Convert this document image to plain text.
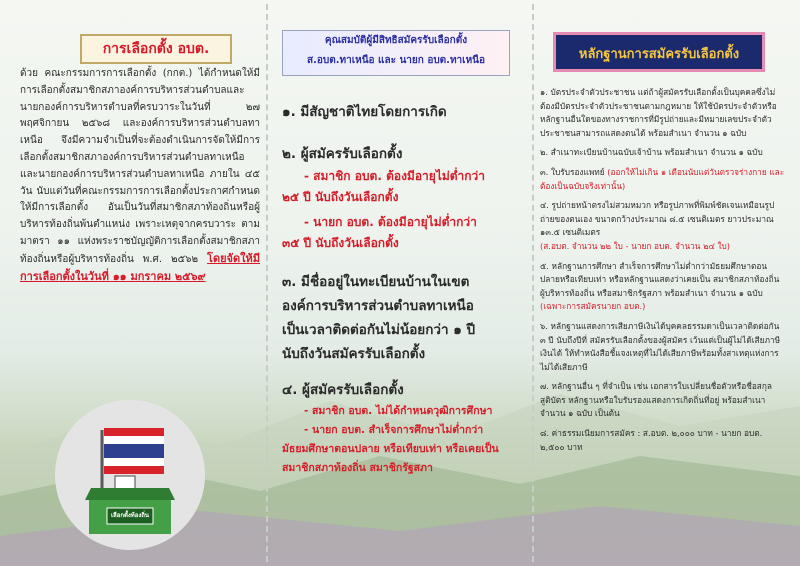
การเลือกตั้ง อบต.
ด้วย คณะกรรมการการเลือกตั้ง (กกต.) ได้กำหนดให้มีการเลือกตั้งสมาชิกสภาองค์การบริหารส่วนตำบลและนายกองค์การบริหารตำบลที่ครบวาระในวันที่ ๒๗ พฤศจิกายน ๒๕๖๘ และองค์การบริหารส่วนตำบลทาเหนือ จึงมีความจำเป็นที่จะต้องดำเนินการจัดให้มีการเลือกตั้งสมาชิกสภาองค์การบริหารส่วนตำบลทาเหนือ และนายกองค์การบริหารส่วนตำบลทาเหนือ ภายใน ๔๕ วัน นับแต่วันที่คณะกรรมการการเลือกตั้งประกาศกำหนดให้มีการเลือกตั้ง อันเป็นวันที่สมาชิกสภาท้องถิ่นหรือผู้บริหารท้องถิ่นพ้นตำแหน่ง เพราะเหตุจากครบวาระ ตามมาตรา ๑๑ แห่งพระราชบัญญัติการเลือกตั้งสมาชิกสภาท้องถิ่นหรือผู้บริหารท้องถิ่น พ.ศ. ๒๕๖๒ โดยจัดให้มีการเลือกตั้งในวันที่ ๑๑ มกราคม ๒๕๖๙
เลือกตั้งท้องถิ่น
คุณสมบัติผู้มีสิทธิสมัครรับเลือกตั้ง
ส.อบต.ทาเหนือ และ นายก อบต.ทาเหนือ
๑. มีสัญชาติไทยโดยการเกิด
๒. ผู้สมัครรับเลือกตั้ง
- สมาชิก อบต. ต้องมีอายุไม่ต่ำกว่า
๒๕ ปี นับถึงวันเลือกตั้ง
- นายก อบต. ต้องมีอายุไม่ต่ำกว่า
๓๕ ปี นับถึงวันเลือกตั้ง
๓. มีชื่ออยู่ในทะเบียนบ้านในเขต
องค์การบริหารส่วนตำบลทาเหนือ
เป็นเวลาติดต่อกันไม่น้อยกว่า ๑ ปี
นับถึงวันสมัครรับเลือกตั้ง
๔. ผู้สมัครรับเลือกตั้ง
- สมาชิก อบต. ไม่ได้กำหนดวุฒิการศึกษา
- นายก อบต. สำเร็จการศึกษาไม่ต่ำกว่า
มัธยมศึกษาตอนปลาย หรือเทียบเท่า หรือเคยเป็น
สมาชิกสภาท้องถิ่น สมาชิกรัฐสภา
หลักฐานการสมัครรับเลือกตั้ง

๑. บัตรประจำตัวประชาชน แต่ถ้าผู้สมัครรับเลือกตั้งเป็นบุคคลซึ่งไม่ต้องมีบัตรประจำตัวประชาชนตามกฎหมาย ให้ใช้บัตรประจำตัวหรือหลักฐานอื่นใดของทางราชการที่มีรูปถ่ายและมีหมายเลขประจำตัวประชาชนสามารถแสดงตนได้ พร้อมสำเนา จำนวน ๑ ฉบับ

๒. สำเนาทะเบียนบ้านฉบับเจ้าบ้าน พร้อมสำเนา จำนวน ๑ ฉบับ

๓. ใบรับรองแพทย์ (ออกให้ไม่เกิน ๑ เดือนนับแต่วันตรวจร่างกาย และต้องเป็นฉบับจริงเท่านั้น)

๔. รูปถ่ายหน้าตรงไม่สวมหมวก หรือรูปภาพที่พิมพ์ชัดเจนเหมือนรูปถ่ายของตนเอง ขนาดกว้างประมาณ ๘.๕ เซนติเมตร ยาวประมาณ ๑๓.๕ เซนติเมตร
(ส.อบต. จำนวน ๒๒ ใบ - นายก อบต. จำนวน ๒๔ ใบ)

๕. หลักฐานการศึกษา สำเร็จการศึกษาไม่ต่ำกว่ามัธยมศึกษาตอนปลายหรือเทียบเท่า หรือหลักฐานแสดงว่าเคยเป็น สมาชิกสภาท้องถิ่น ผู้บริหารท้องถิ่น หรือสมาชิกรัฐสภา พร้อมสำเนา จำนวน ๑ ฉบับ (เฉพาะการสมัครนายก อบต.)

๖. หลักฐานแสดงการเสียภาษีเงินได้บุคคลธรรมดาเป็นเวลาติดต่อกัน ๓ ปี นับถึงปีที่ สมัครรับเลือกตั้งของผู้สมัคร เว้นแต่เป็นผู้ไม่ได้เสียภาษีเงินได้ ให้ทำหนังสือชี้แจงเหตุที่ไม่ได้เสียภาษีพร้อมทั้งสาเหตุแห่งการไม่ได้เสียภาษี

๗. หลักฐานอื่น ๆ ที่จำเป็น เช่น เอกสารใบเปลี่ยนชื่อตัวหรือชื่อสกุล สูติบัตร หลักฐานหรือใบรับรองแสดงการเกิดถิ่นที่อยู่ พร้อมสำเนา จำนวน ๑ ฉบับ เป็นต้น

๘. ค่าธรรมเนียมการสมัคร : ส.อบต. ๒,๐๐๐ บาท - นายก อบต. ๒,๕๐๐ บาท
